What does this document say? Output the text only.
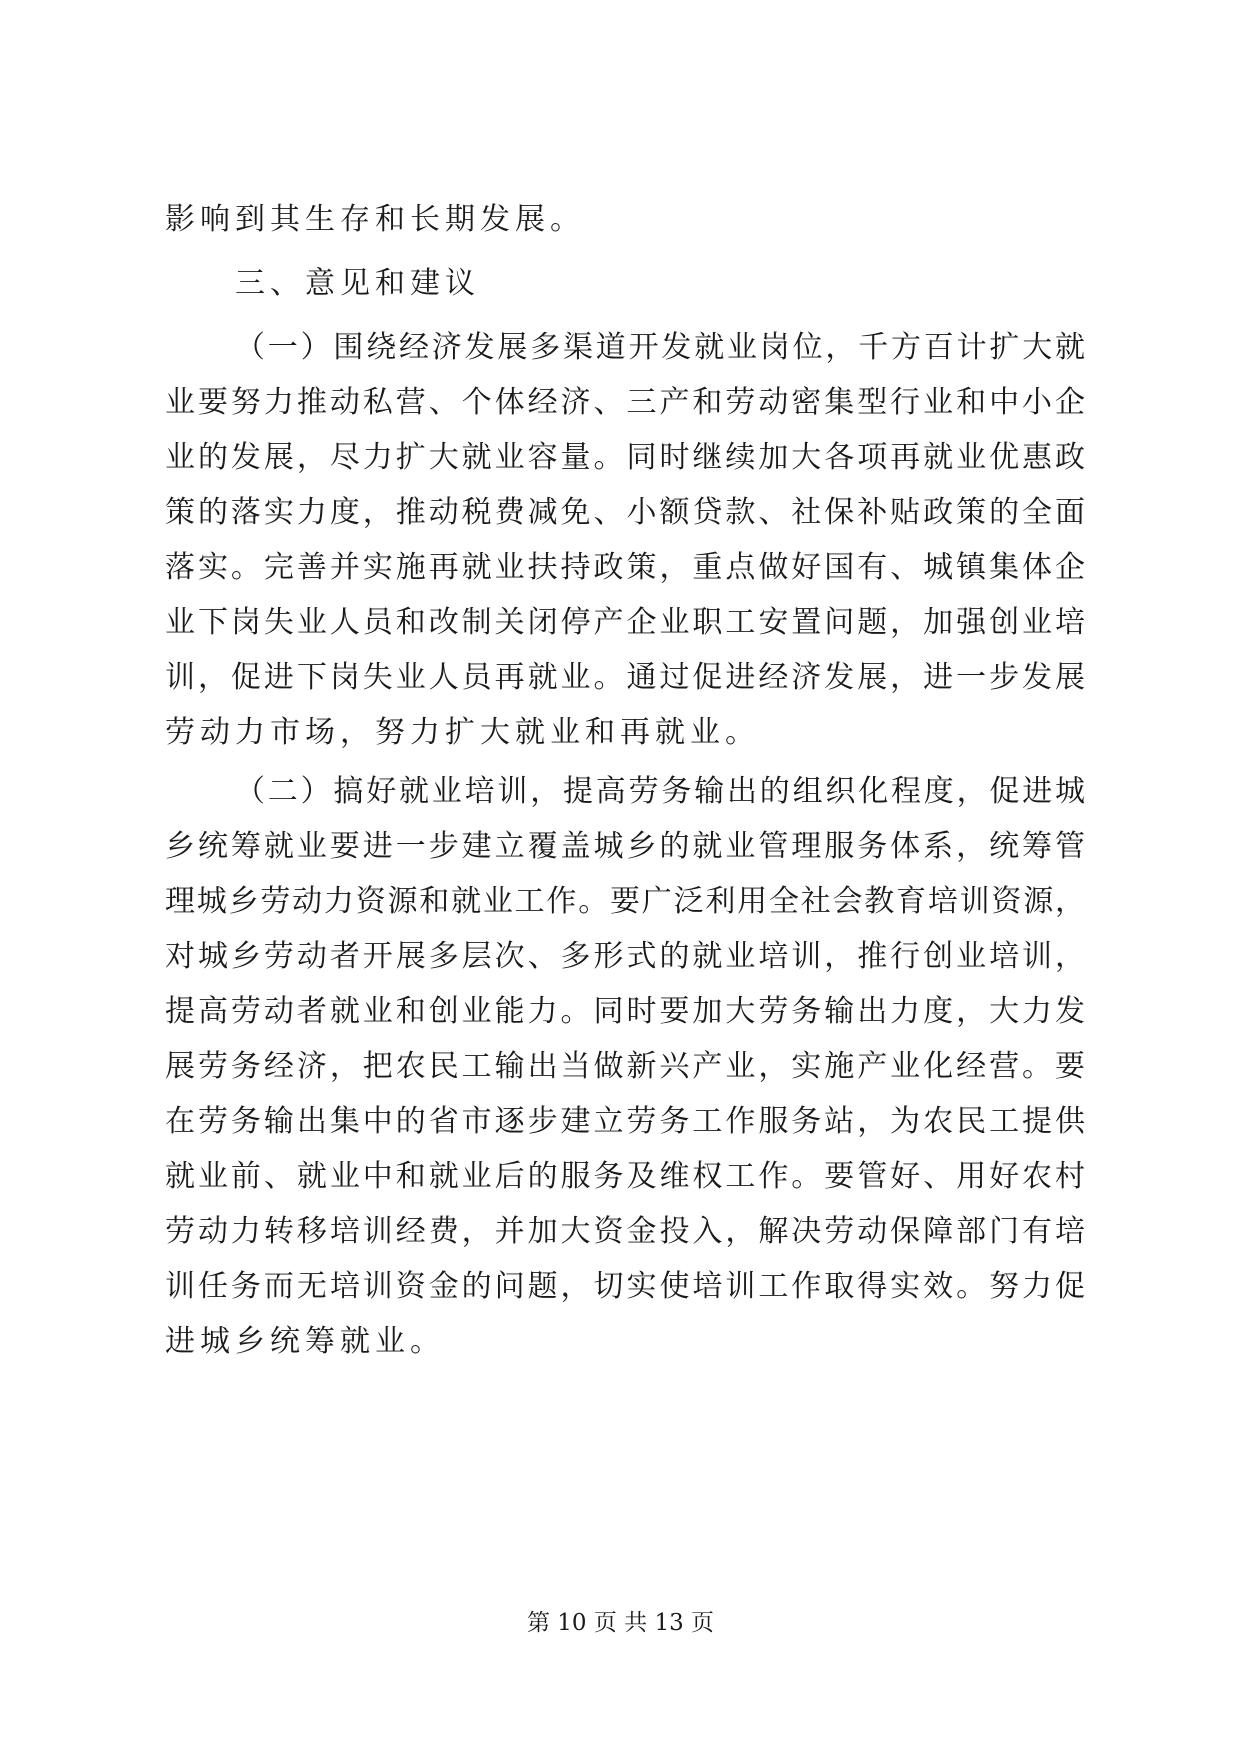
影响到其生存和长期发展。
三、意见和建议
（一）围绕经济发展多渠道开发就业岗位，千方百计扩大就
业要努力推动私营、个体经济、三产和劳动密集型行业和中小企
业的发展，尽力扩大就业容量。同时继续加大各项再就业优惠政
策的落实力度，推动税费减免、小额贷款、社保补贴政策的全面
落实。完善并实施再就业扶持政策，重点做好国有、城镇集体企
业下岗失业人员和改制关闭停产企业职工安置问题，加强创业培
训，促进下岗失业人员再就业。通过促进经济发展，进一步发展
劳动力市场，努力扩大就业和再就业。
（二）搞好就业培训，提高劳务输出的组织化程度，促进城
乡统筹就业要进一步建立覆盖城乡的就业管理服务体系，统筹管
理城乡劳动力资源和就业工作。要广泛利用全社会教育培训资源，
对城乡劳动者开展多层次、多形式的就业培训，推行创业培训，
提高劳动者就业和创业能力。同时要加大劳务输出力度，大力发
展劳务经济，把农民工输出当做新兴产业，实施产业化经营。要
在劳务输出集中的省市逐步建立劳务工作服务站，为农民工提供
就业前、就业中和就业后的服务及维权工作。要管好、用好农村
劳动力转移培训经费，并加大资金投入，解决劳动保障部门有培
训任务而无培训资金的问题，切实使培训工作取得实效。努力促
进城乡统筹就业。
第 10 页 共 13 页
